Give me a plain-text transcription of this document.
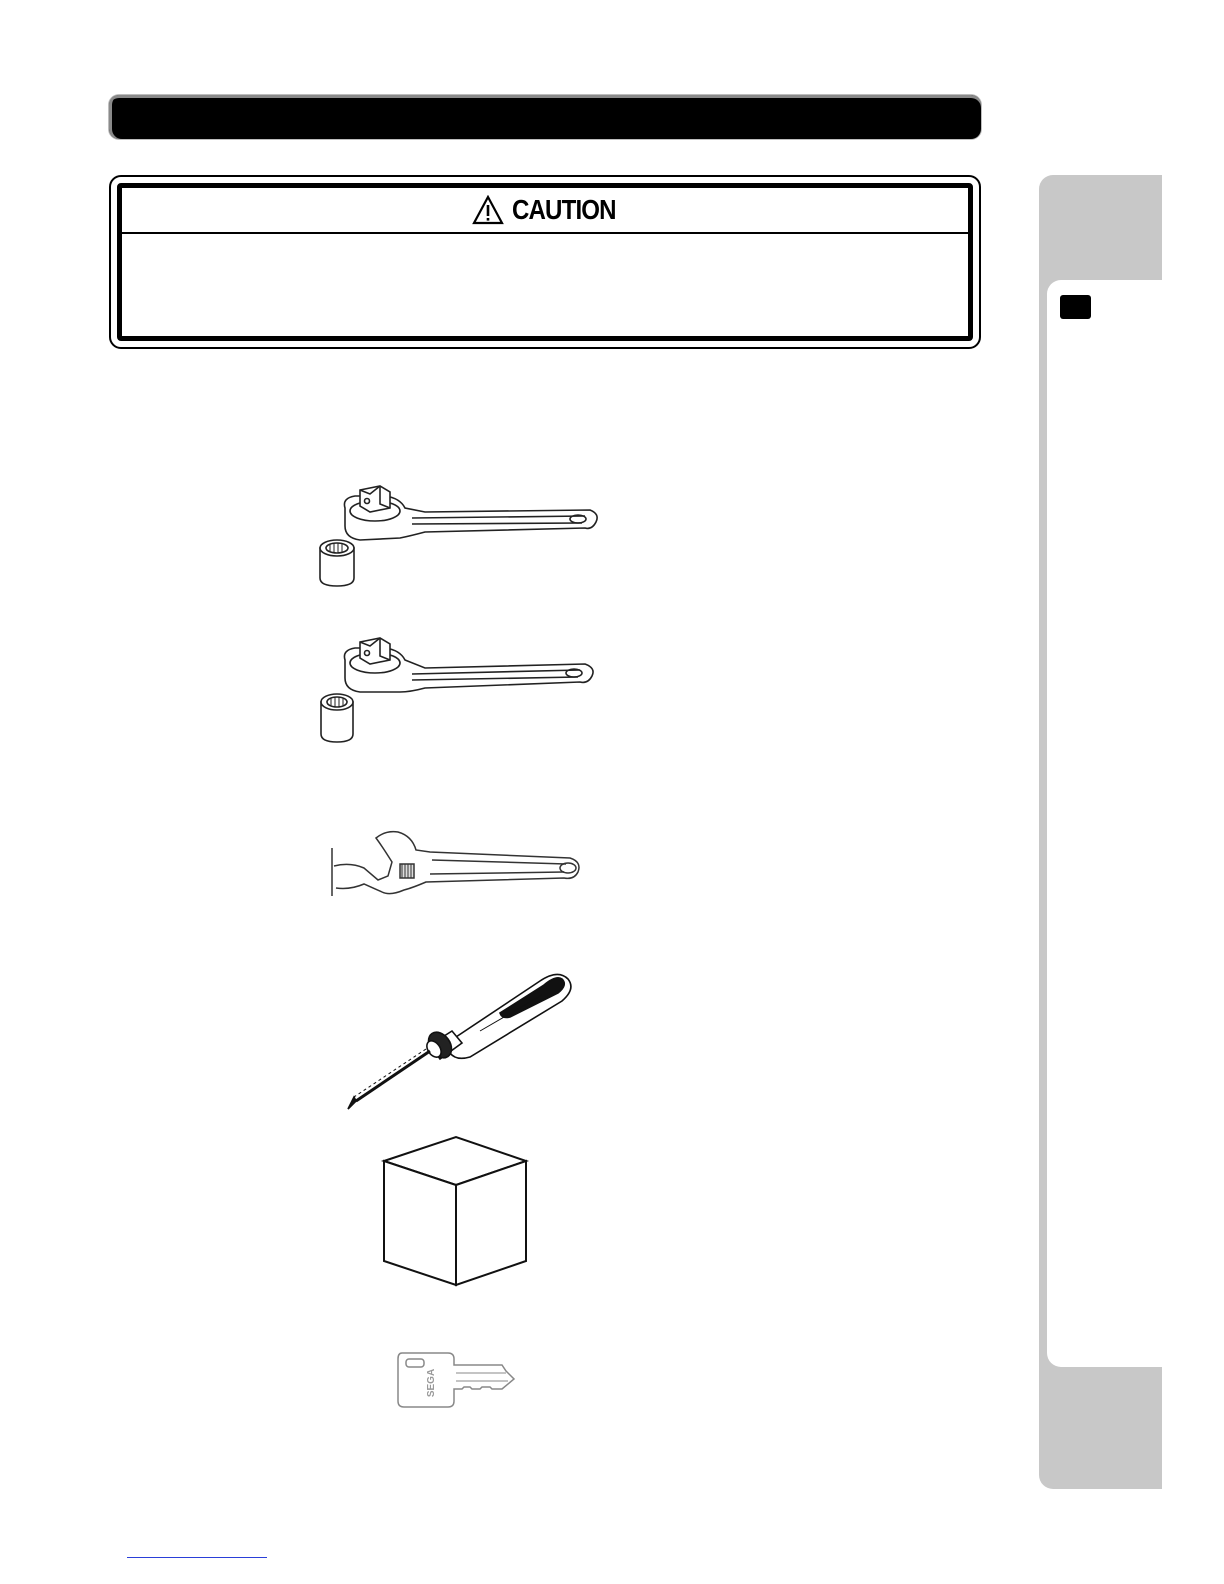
CAUTION
SEGA
